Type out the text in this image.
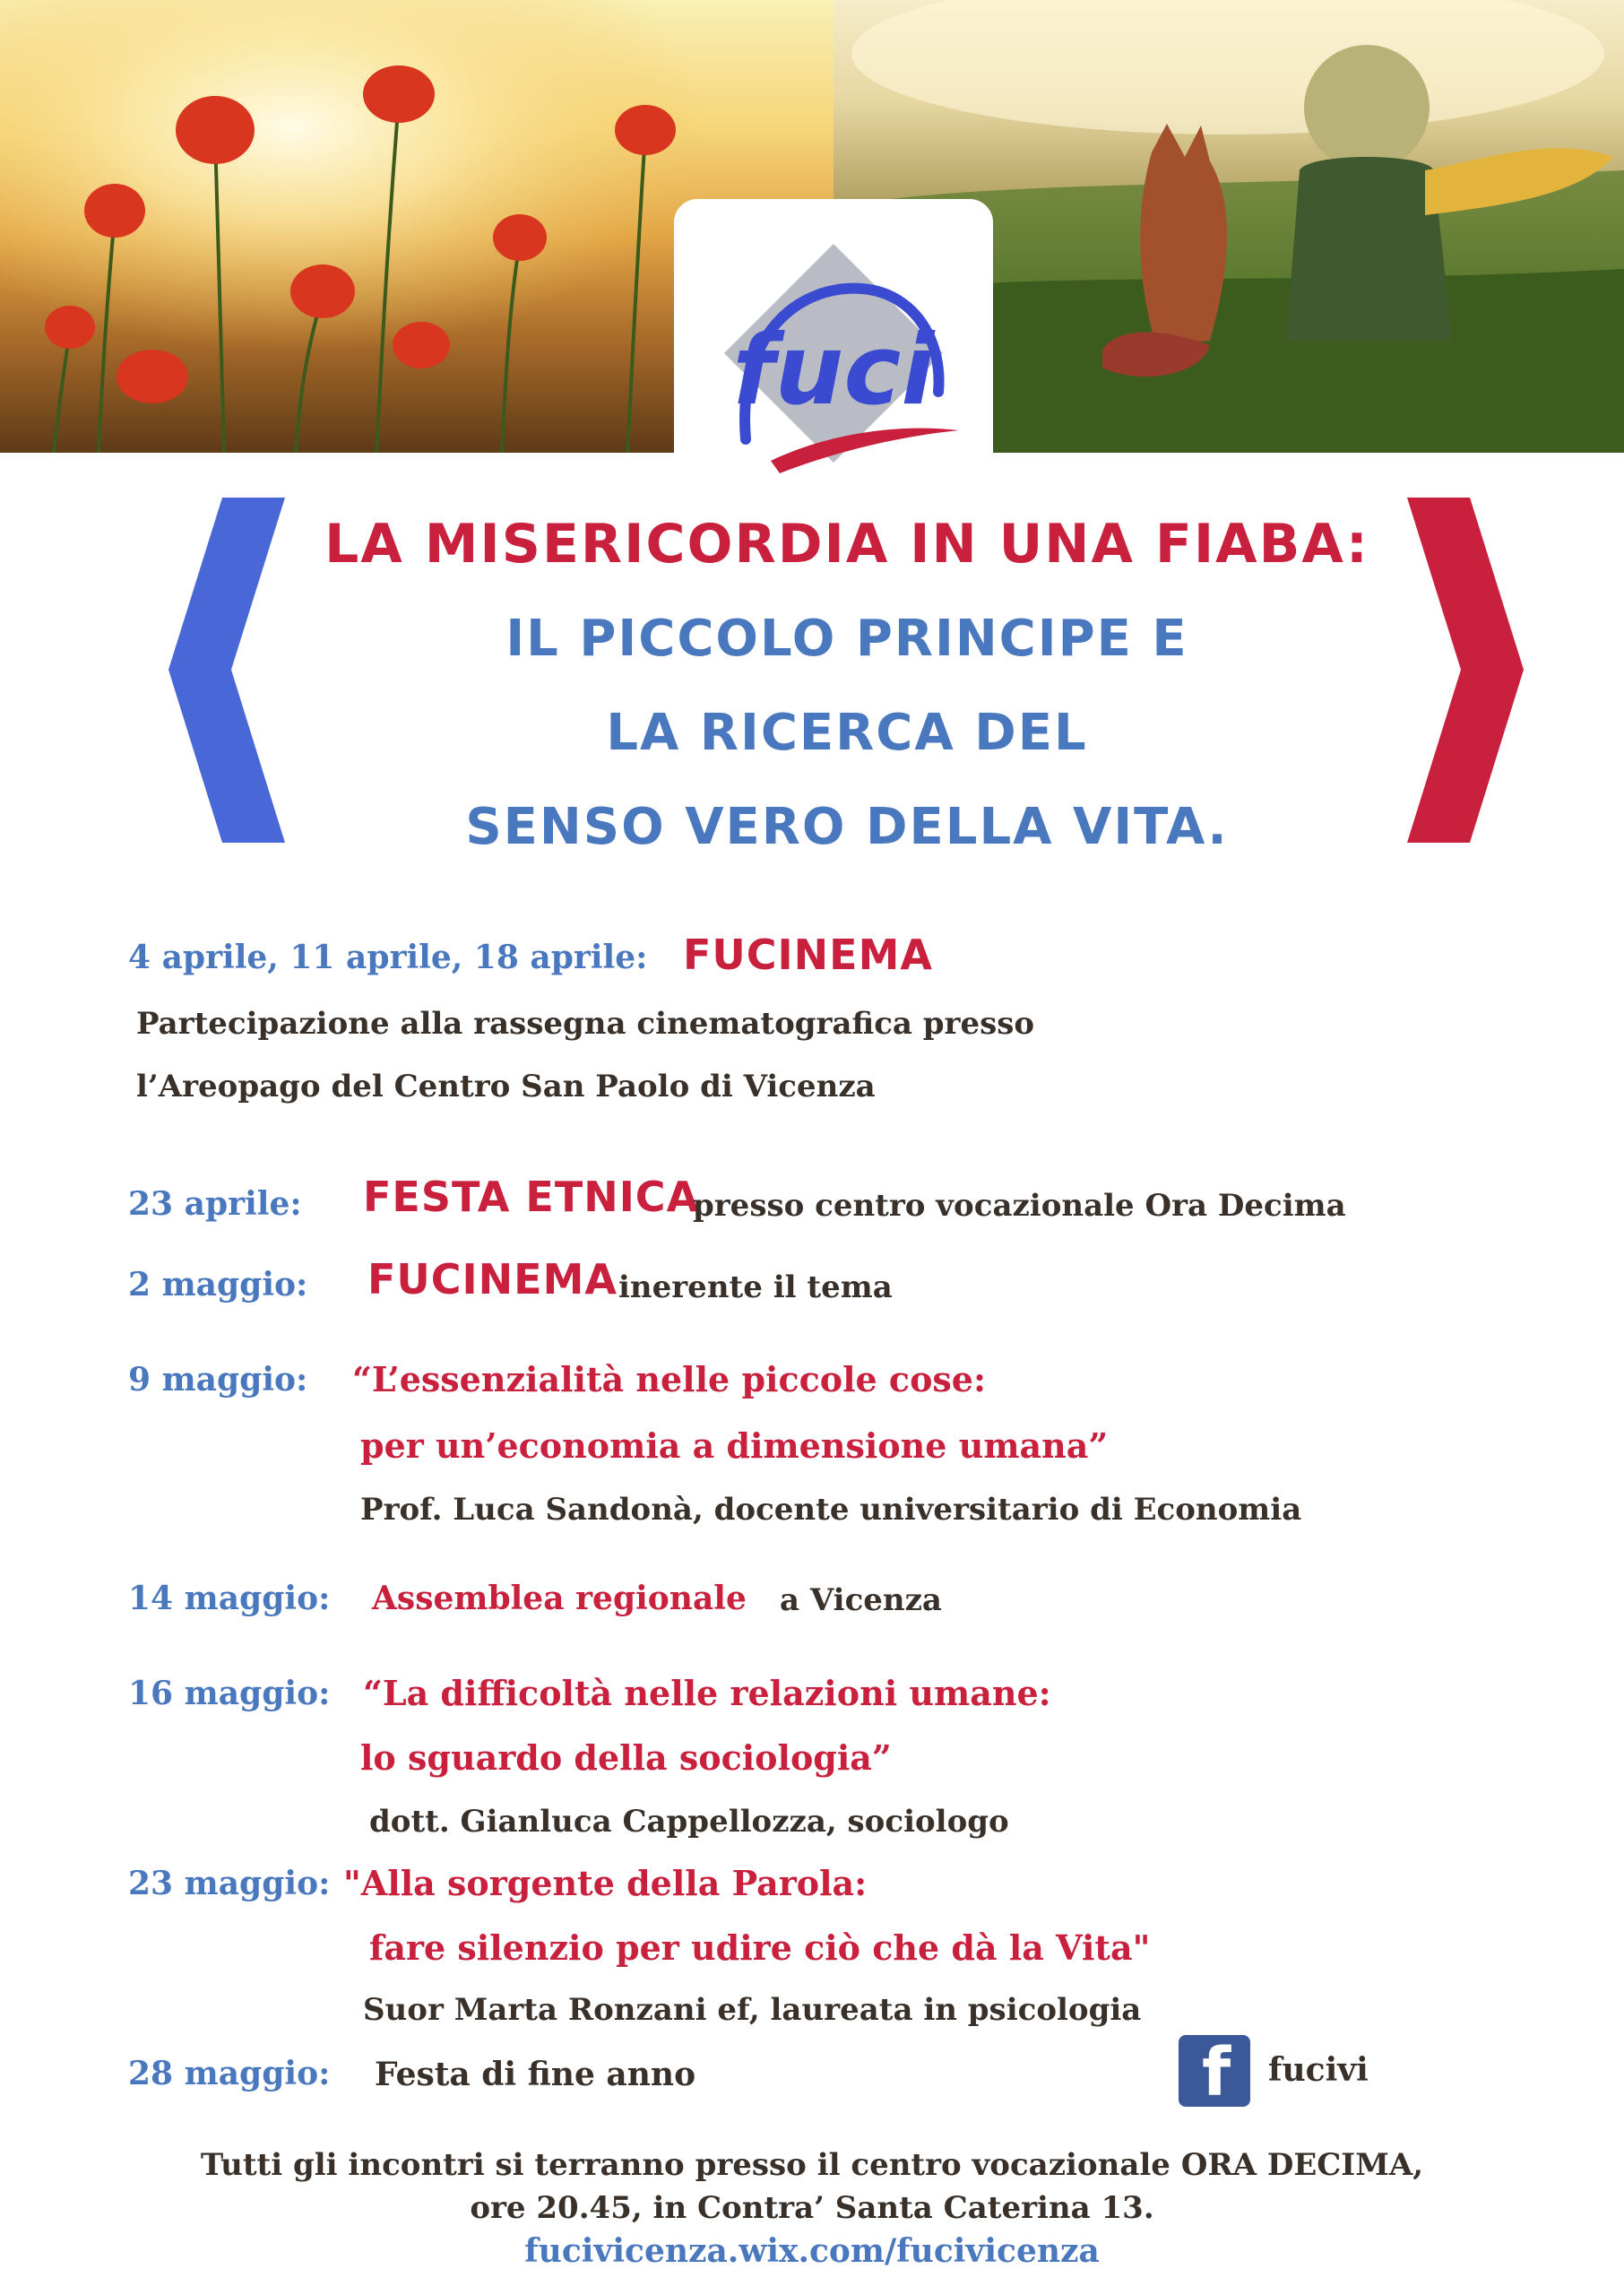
fuci
LA MISERICORDIA IN UNA FIABA:
IL PICCOLO PRINCIPE E
LA RICERCA DEL
SENSO VERO DELLA VITA.
4 aprile, 11 aprile, 18 aprile: FUCINEMA
Partecipazione alla rassegna cinematografica presso
l’Areopago del Centro San Paolo di Vicenza
23 aprile: FESTA ETNICA
presso centro vocazionale Ora Decima
2 maggio: FUCINEMA inerente il tema
9 maggio: “L’essenzialità nelle piccole cose:
per un’economia a dimensione umana”
Prof. Luca Sandonà, docente universitario di Economia
14 maggio: Assemblea regionale a Vicenza
16 maggio: “La difficoltà nelle relazioni umane:
lo sguardo della sociologia”
dott. Gianluca Cappellozza, sociologo
23 maggio: "Alla sorgente della Parola:
fare silenzio per udire ciò che dà la Vita"
Suor Marta Ronzani ef, laureata in psicologia
28 maggio: Festa di fine anno	f fucivi
Tutti gli incontri si terranno presso il centro vocazionale ORA DECIMA,
ore 20.45, in Contra’ Santa Caterina 13.
fucivicenza.wix.com/fucivicenza
